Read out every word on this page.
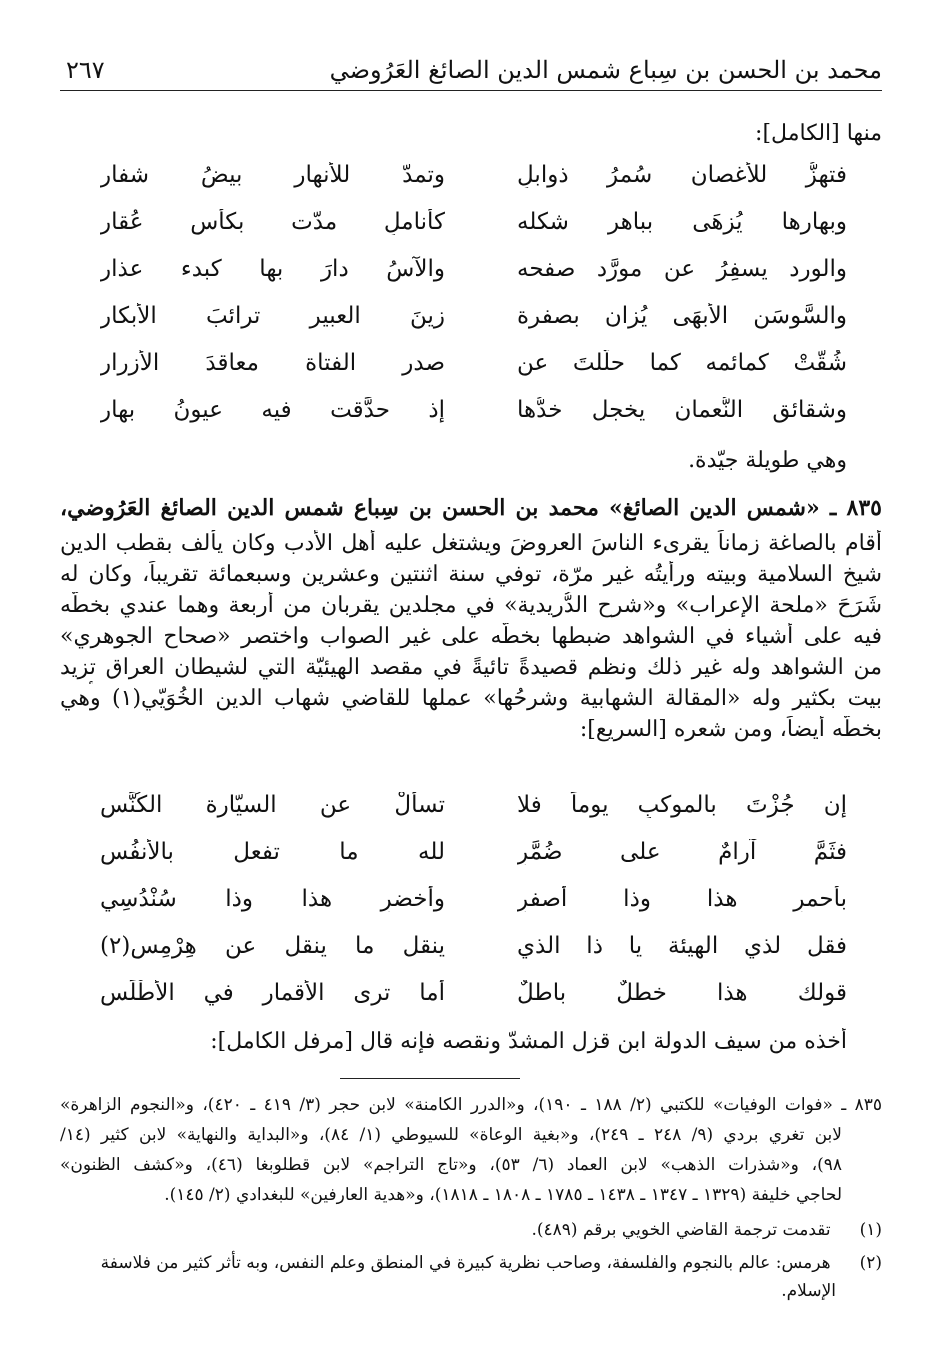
محمد بن الحسن بن سِباع شمس الدين الصائغ العَرُوضي
٢٦٧
منها [الكامل]:
فتهزُّ للأغصان سُمرُ ذوابلٍ
وتمدّ للأنهار بيضُ شفارِ
وبهارها يُزهَى بباهر شكله
كأناملٍ مدّت بكأسِ عُقارِ
والورد يسفِرُ عن مورَّد صفحه
والآسُ دارَ بها كبدء عذارِ
والسَّوسَن الأبهَى يُزان بصفرة
زينَ العبيرِ ترائبَ الأبكارِ
شُقَّتْ كمائمه كما حلَّلتَ عن
صدرِ الفتاة معاقدَ الأزرارِ
وشقائق النُّعمان يخجل خدُّها
إذ حدَّقت فيه عيونُ بهارِ
وهي طويلة جيّدة.
٨٣٥ ـ «شمس الدين الصائغ» محمد بن الحسن بن سِباع شمس الدين الصائغ العَرُوضي،
أقام بالصاغة زماناً يقرىء الناسَ العروضَ ويشتغل عليه أهل الأدب وكان يألف بقطب الدين
شيخ السلامية وبيته ورأيتُه غير مرّة، توفي سنة اثنتين وعشرين وسبعمائة تقريباً، وكان له
شَرَحَ «ملحة الإعراب» و«شرح الدُّريدية» في مجلدين يقربان من أربعة وهما عندي بخطّه
فيه على أشياء في الشواهد ضبطها بخطّه على غير الصواب واختصر «صحاح الجوهري»
من الشواهد وله غير ذلك ونظم قصيدةً تائيةً في مقصد الهيئيّة التي لشيطان العراق تزيد
بيت بكثير وله «المقالة الشهابية وشرحُها» عملها للقاضي شهاب الدين الخُوَيّي(١) وهي
بخطّه أيضاً، ومن شعره [السريع]:
إن جُزْتَ بالموكبِ يوماً فلا
تسألْ عن السيّارة الكُنَّسِ
فثَمَّ آرامٌ على ضُمَّرٍ
لله ما تفعل بالأنفُسِ
بأحمرٍ هذا وذا أصفرٍ
وأخضرٍ هذا وذا سُنْدُسِي
فقل لذي الهيئة يا ذا الذي
ينقل ما ينقل عن هِرْمِسِ(٢)
قولك هذا خطلٌ باطلٌ
أما ترى الأقمار في الأطْلَسِ
أخذه من سيف الدولة ابن قزل المشدّ ونقصه فإنه قال [مرفل الكامل]:
٨٣٥ ـ «فوات الوفيات» للكتبي (٢/ ١٨٨ ـ ١٩٠)، و«الدرر الكامنة» لابن حجر (٣/ ٤١٩ ـ ٤٢٠)، و«النجوم الزاهرة»
لابن تغري بردي (٩/ ٢٤٨ ـ ٢٤٩)، و«بغية الوعاة» للسيوطي (١/ ٨٤)، و«البداية والنهاية» لابن كثير (١٤/
٩٨)، و«شذرات الذهب» لابن العماد (٦/ ٥٣)، و«تاج التراجم» لابن قطلوبغا (٤٦)، و«كشف الظنون»
لحاجي خليفة (١٣٢٩ ـ ١٣٤٧ ـ ١٤٣٨ ـ ١٧٨٥ ـ ١٨٠٨ ـ ١٨١٨)، و«هدية العارفين» للبغدادي (٢/ ١٤٥).
(١) تقدمت ترجمة القاضي الخويي برقم (٤٨٩).
(٢) هرمس: عالم بالنجوم والفلسفة، وصاحب نظرية كبيرة في المنطق وعلم النفس، وبه تأثر كثير من فلاسفة
الإسلام.
